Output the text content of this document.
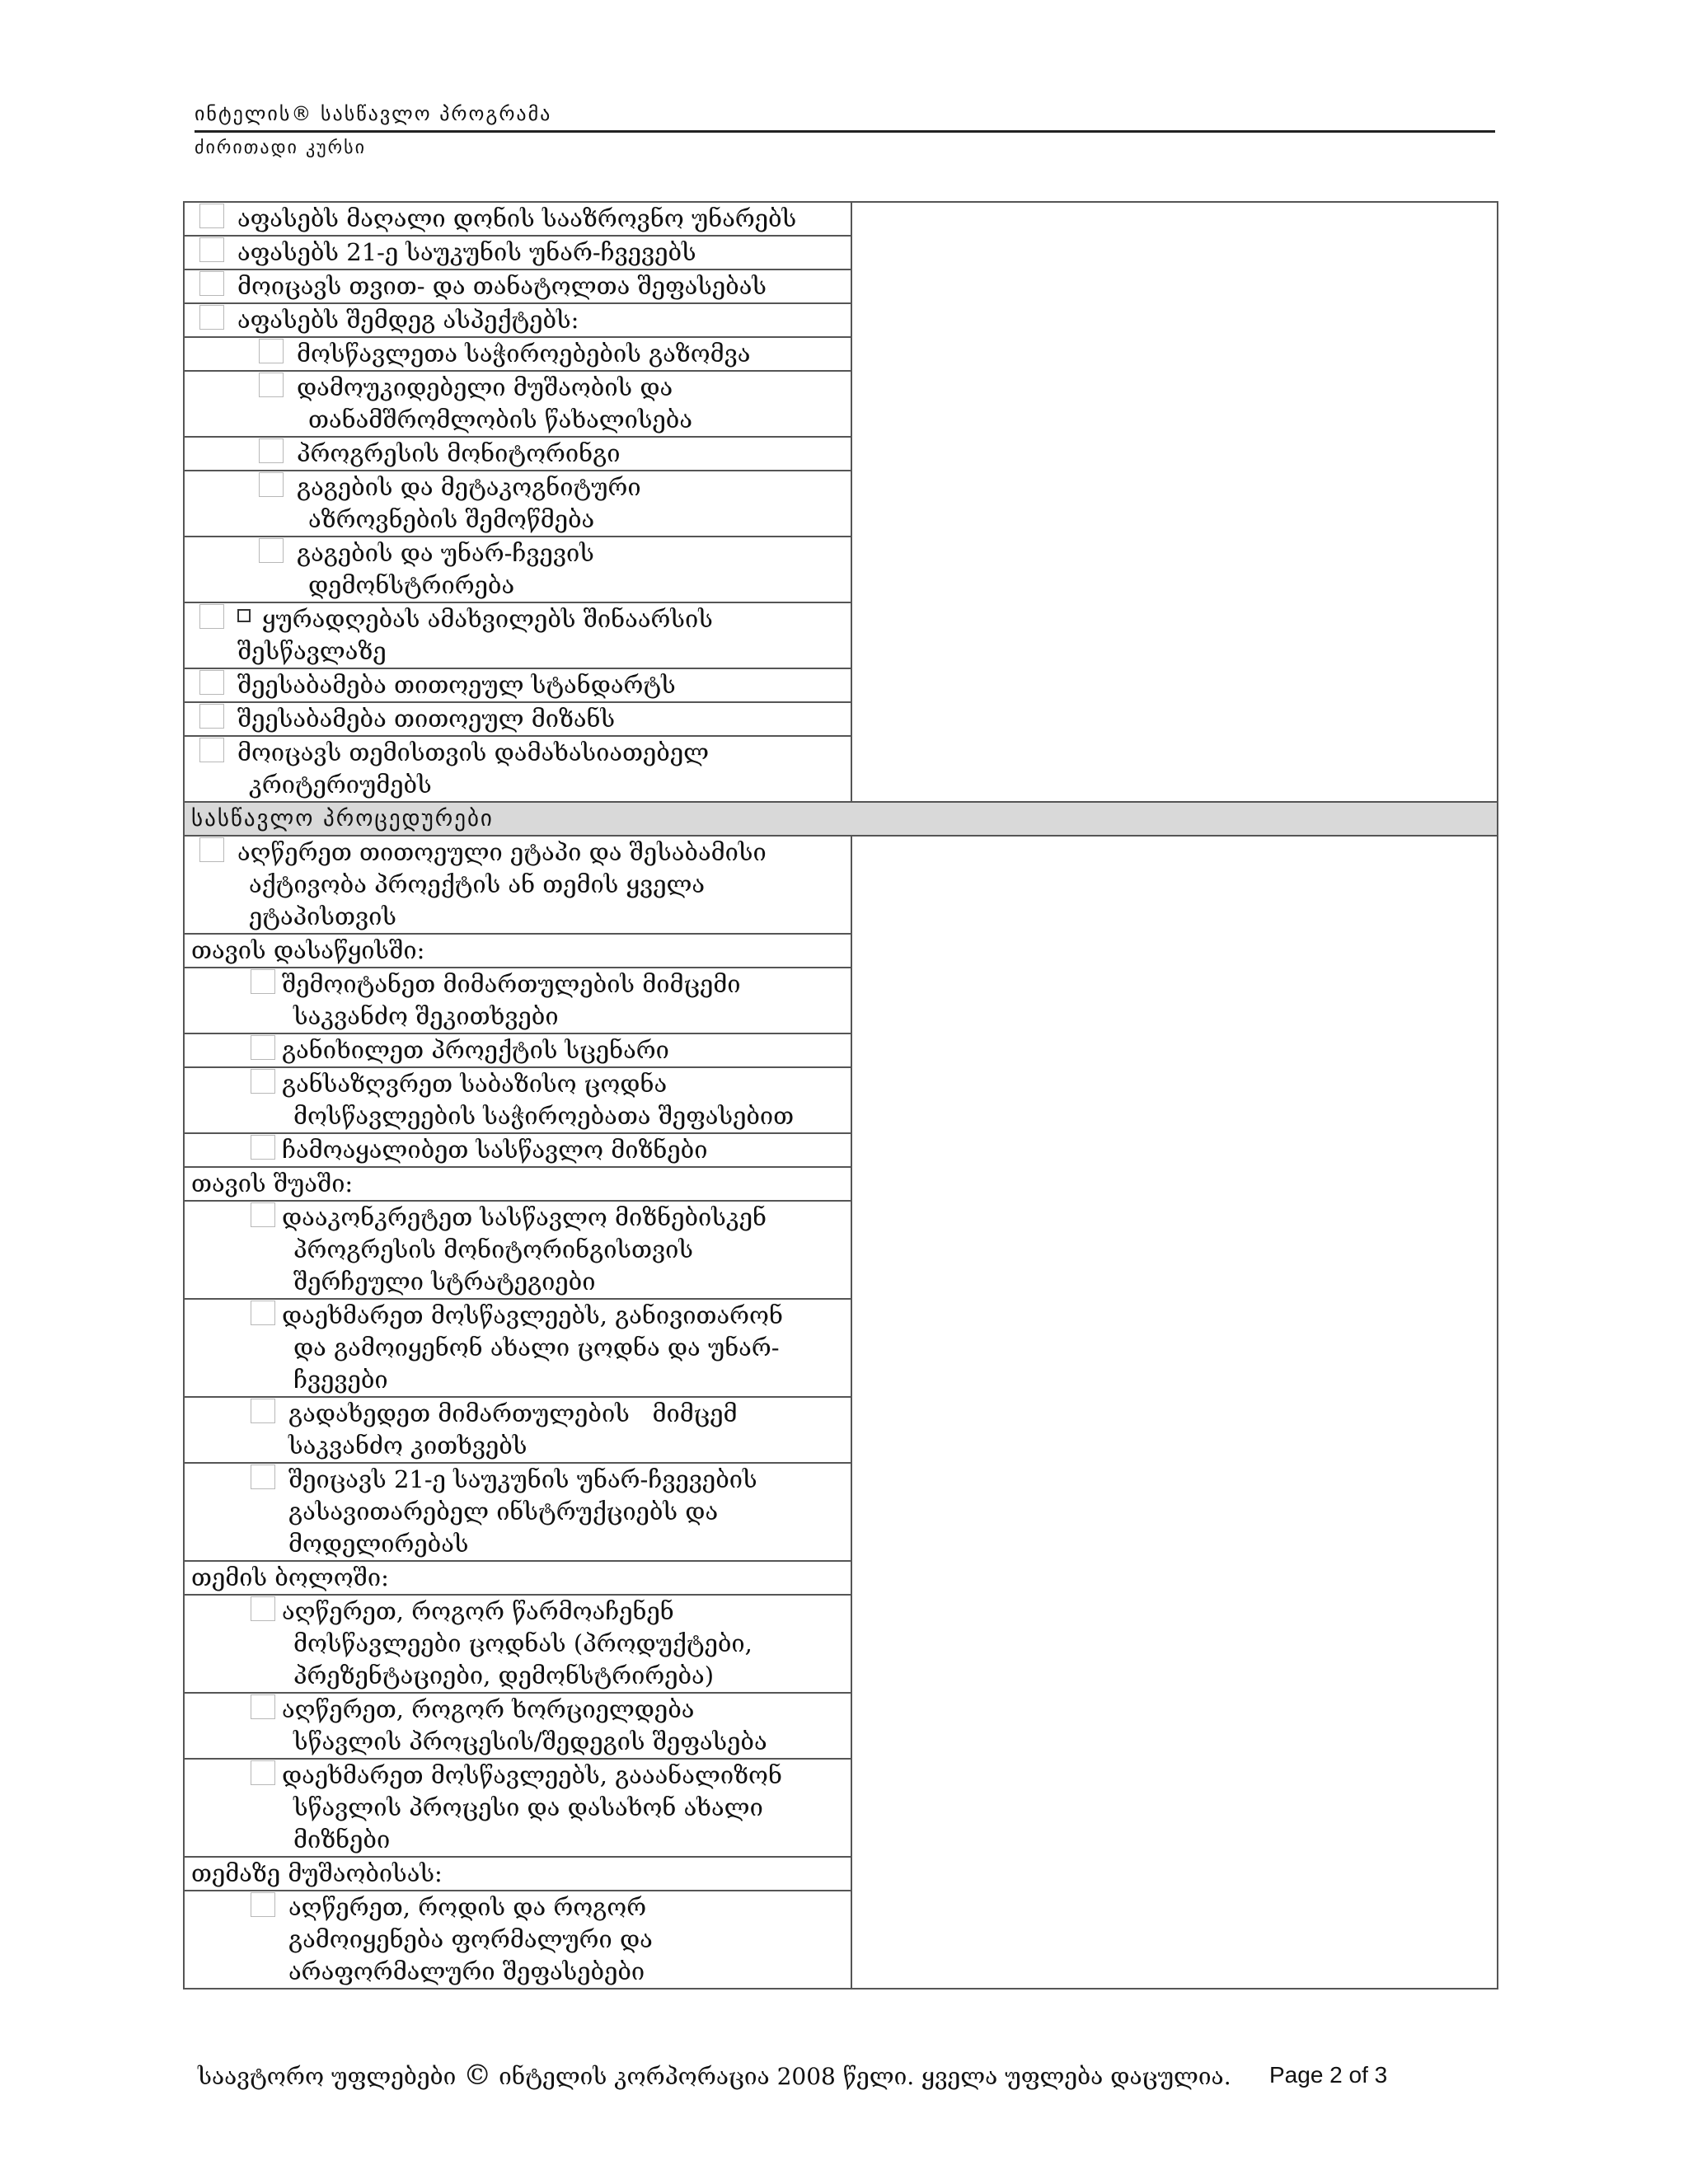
ინტელის® სასწავლო პროგრამა
ძირითადი კურსი
აფასებს მაღალი დონის სააზროვნო უნარებს	

აფასებს 21-ე საუკუნის უნარ-ჩვევებს	

მოიცავს თვით- და თანატოლთა შეფასებას	

აფასებს შემდეგ ასპექტებს:	

მოსწავლეთა საჭიროებების გაზომვა	

დამოუკიდებელი მუშაობის და
თანამშრომლობის წახალისება	

პროგრესის მონიტორინგი	

გაგების და მეტაკოგნიტური
აზროვნების შემოწმება	

გაგების და უნარ-ჩვევის
დემონსტრირება	

ყურადღებას ამახვილებს შინაარსის
შესწავლაზე	

შეესაბამება თითოეულ სტანდარტს	

შეესაბამება თითოეულ მიზანს	

მოიცავს თემისთვის დამახასიათებელ
კრიტერიუმებს	

სასწავლო პროცედურები	

აღწერეთ თითოეული ეტაპი და შესაბამისი
აქტივობა პროექტის ან თემის ყველა
ეტაპისთვის	

თავის დასაწყისში:	

შემოიტანეთ მიმართულების მიმცემი
საკვანძო შეკითხვები	

განიხილეთ პროექტის სცენარი	

განსაზღვრეთ საბაზისო ცოდნა
მოსწავლეების საჭიროებათა შეფასებით	

ჩამოაყალიბეთ სასწავლო მიზნები	

თავის შუაში:	

დააკონკრეტეთ სასწავლო მიზნებისკენ
პროგრესის მონიტორინგისთვის
შერჩეული სტრატეგიები	

დაეხმარეთ მოსწავლეებს, განივითარონ
და გამოიყენონ ახალი ცოდნა და უნარ-
ჩვევები	

გადახედეთ მიმართულების   მიმცემ
საკვანძო კითხვებს	

შეიცავს 21-ე საუკუნის უნარ-ჩვევების
გასავითარებელ ინსტრუქციებს და
მოდელირებას	

თემის ბოლოში:	

აღწერეთ, როგორ წარმოაჩენენ
მოსწავლეები ცოდნას (პროდუქტები,
პრეზენტაციები, დემონსტრირება)	

აღწერეთ, როგორ ხორციელდება
სწავლის პროცესის/შედეგის შეფასება	

დაეხმარეთ მოსწავლეებს, გააანალიზონ
სწავლის პროცესი და დასახონ ახალი
მიზნები	

თემაზე მუშაობისას:	

აღწერეთ, როდის და როგორ
გამოიყენება ფორმალური და
არაფორმალური შეფასებები	
საავტორო უფლებები © ინტელის კორპორაცია 2008 წელი. ყველა უფლება დაცულია. Page 2 of 3
